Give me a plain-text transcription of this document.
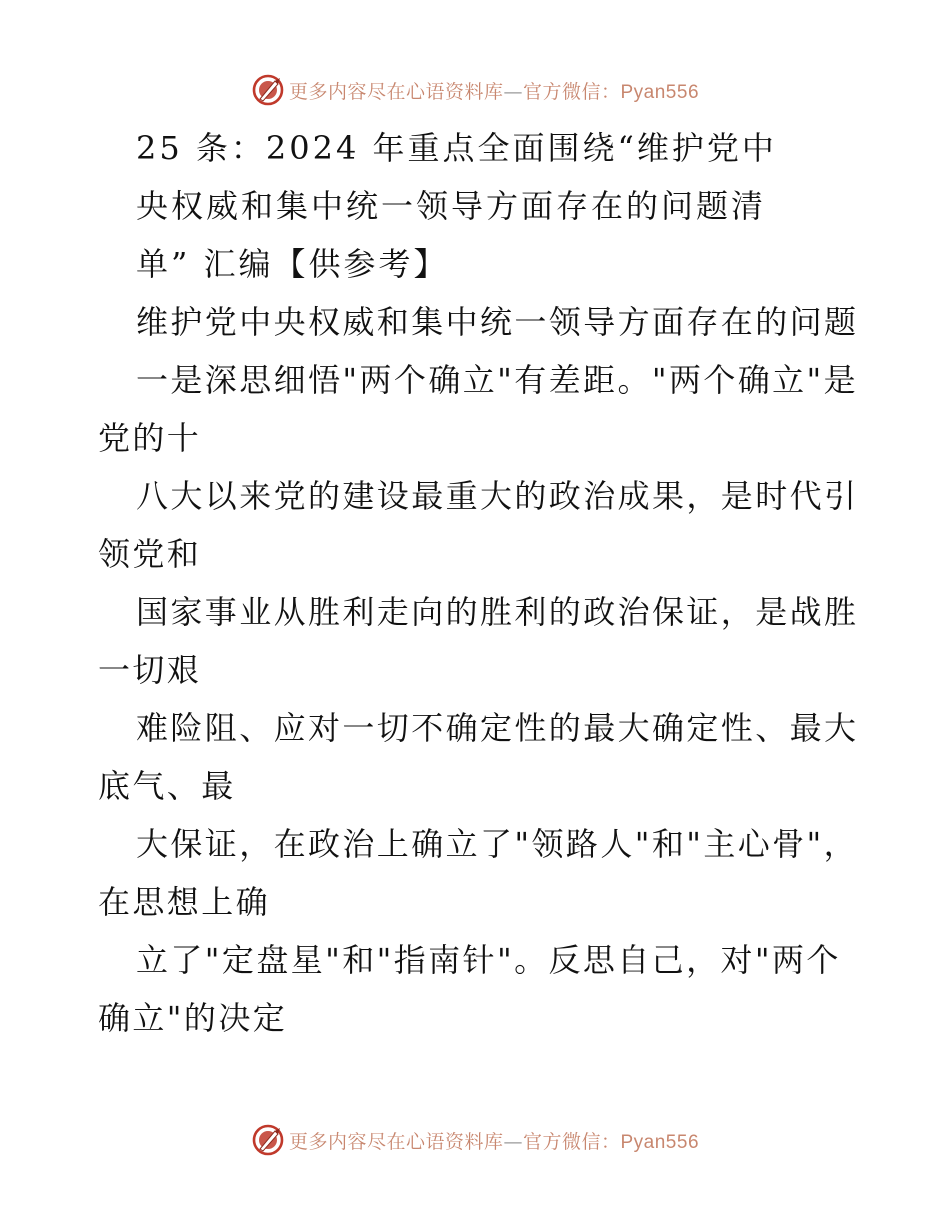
更多内容尽在心语资料库—官方微信：Pyan556
25 条：2024 年重点全面围绕“维护党中
央权威和集中统一领导方面存在的问题清
单” 汇编【供参考】
维护党中央权威和集中统一领导方面存在的问题
一是深思细悟"两个确立"有差距。"两个确立"是
党的十
八大以来党的建设最重大的政治成果，是时代引
领党和
国家事业从胜利走向的胜利的政治保证，是战胜
一切艰
难险阻、应对一切不确定性的最大确定性、最大
底气、最
大保证，在政治上确立了"领路人"和"主心骨"，
在思想上确
立了"定盘星"和"指南针"。反思自己，对"两个
确立"的决定
更多内容尽在心语资料库—官方微信：Pyan556
